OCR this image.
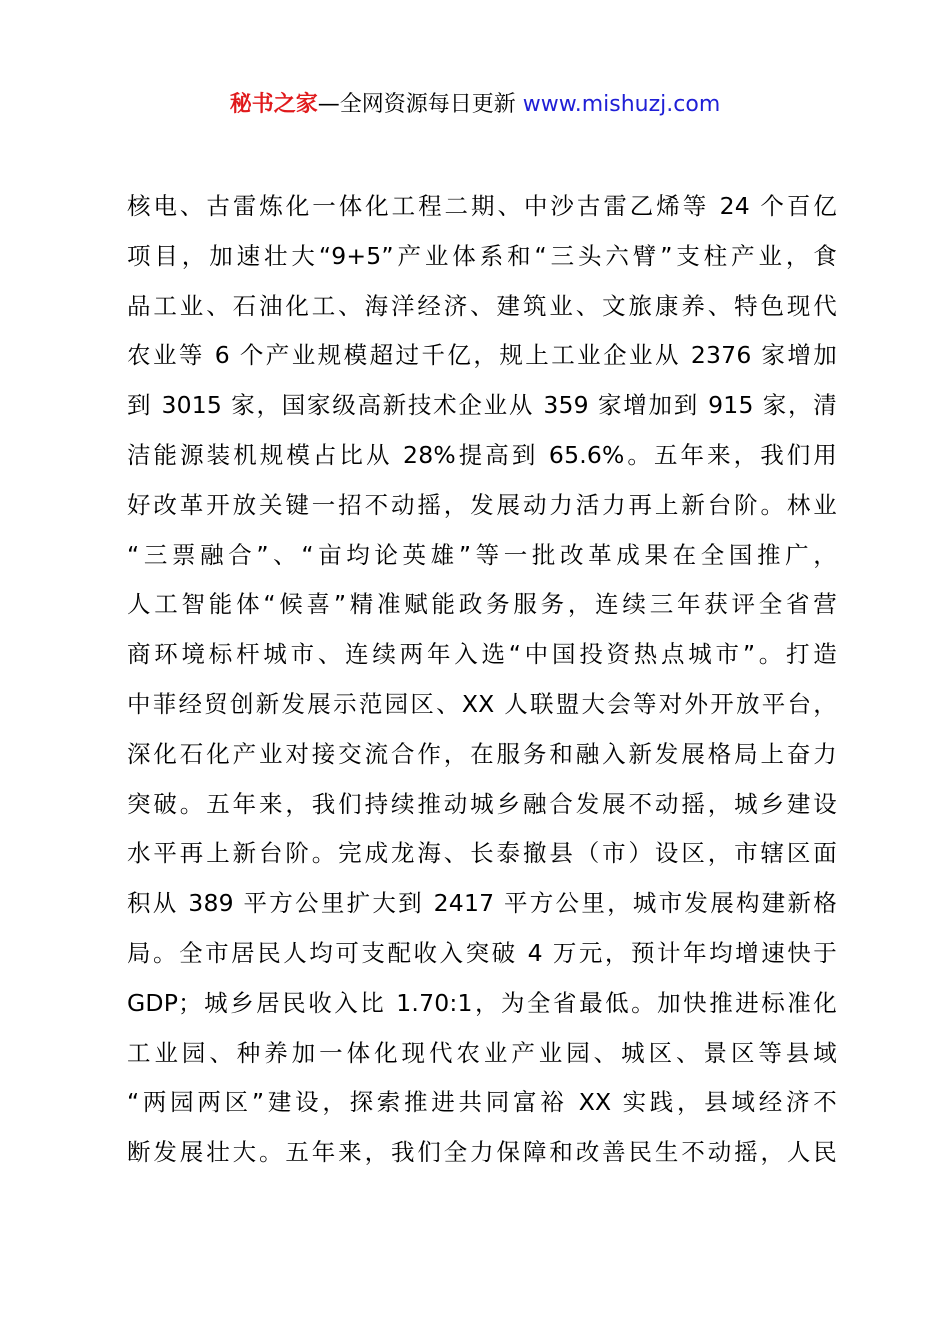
秘书之家—全网资源每日更新 www.mishuzj.com
核电、古雷炼化一体化工程二期、中沙古雷乙烯等 24 个百亿
项目，加速壮大“9+5”产业体系和“三头六臂”支柱产业，食
品工业、石油化工、海洋经济、建筑业、文旅康养、特色现代
农业等 6 个产业规模超过千亿，规上工业企业从 2376 家增加
到 3015 家，国家级高新技术企业从 359 家增加到 915 家，清
洁能源装机规模占比从 28%提高到 65.6%。五年来，我们用
好改革开放关键一招不动摇，发展动力活力再上新台阶。林业
“三票融合”、“亩均论英雄”等一批改革成果在全国推广，
人工智能体“候喜”精准赋能政务服务，连续三年获评全省营
商环境标杆城市、连续两年入选“中国投资热点城市”。打造
中菲经贸创新发展示范园区、XX 人联盟大会等对外开放平台，
深化石化产业对接交流合作，在服务和融入新发展格局上奋力
突破。五年来，我们持续推动城乡融合发展不动摇，城乡建设
水平再上新台阶。完成龙海、长泰撤县（市）设区，市辖区面
积从 389 平方公里扩大到 2417 平方公里，城市发展构建新格
局。全市居民人均可支配收入突破 4 万元，预计年均增速快于
GDP；城乡居民收入比 1.70:1，为全省最低。加快推进标准化
工业园、种养加一体化现代农业产业园、城区、景区等县域
“两园两区”建设，探索推进共同富裕 XX 实践，县域经济不
断发展壮大。五年来，我们全力保障和改善民生不动摇，人民
